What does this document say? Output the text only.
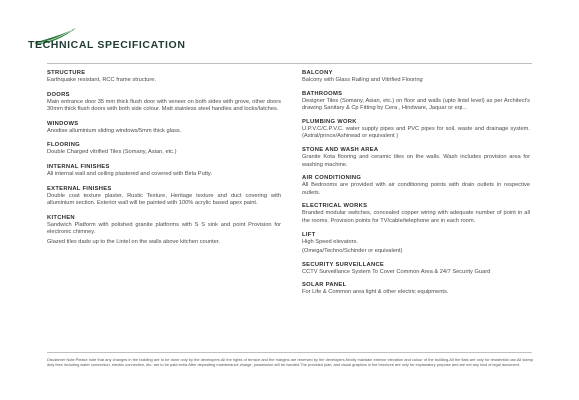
TECHNICAL SPECIFICATION
STRUCTURE

Earthquake resistant, RCC frame structure.

DOORS

Main entrance door 35 mm thick flush door with veneer on both sides with grove, other doors 30mm thick flush doors with both side colour. Matt stainless steel handles and locks/latches.

WINDOWS

Anodise alluminium sliding windows/5mm thick glass.

FLOORING

Double Charged vitrified Tiles (Somany, Asian, etc.)

INTERNAL FINISHES

All internal wall and ceiling plastered and covered with Birla Putty.

EXTERNAL FINISHES

Double coat texture plaster, Rustic Texture, Heritage texture and duct covering with alluminium section. Exterior wall will be painted with 100% acrylic based apex paint.

KITCHEN

Sandwich Platform with polished granite platforms with S S sink and point Provision for electronic chimney.

Glazed tiles dado up to the Lintel on the walls above kitchen counter.

BALCONY

Balcony with Glass Railing and Vitrified Flooring

BATHROOMS

Designer Tiles (Somany, Asian, etc.) on floor and walls (upto lintel level) as per Architect's drawing Sanitary & Cp Fitting by Cera , Hindware, Jaquar or eqi...

PLUMBING WORK

U.P.V.C/C.P.V.C. water supply pipes and PVC pipes for soil, waste and drainage system. (Astral/prince/Ashirwad or equivalent )

STONE AND WASH AREA

Granite Kota flooring and ceramic tiles on the walls. Wash includes provision area for washing machine.

AIR CONDITIONING

All Bedrooms are provided with air conditioning points with drain outlets in respective outlets.

ELECTRICAL WORKS

Branded modular switches, concealed copper wiring with adequate number of point in all the rooms. Provision points for TV/cable/telephone are in each room.

LIFT

High Speed elevators.

(Omega/Techno/Schinder or equivalent)

SECURITY SURVEILLANCE

CCTV Surveillance System To Cover Common Area & 24/7 Security Guard

SOLAR PANEL

For Life & Common area light & other electric equipments.

Disclaimer Note:Please note that any changes in the building are to be done only by the developers.All the rights of terrace and the margins are reserved by the developers.Kindly maintain exterior elevation and colour of the building.All the flats are only for residential use.All stamp duty fees including water connection, electric connection, etc. are to be paid extra.After depositing maintenance charge, possession will be handed.The precided plan, and visual graphics in the brochure are only for explanatory purpose and are not any kind of legal document.
